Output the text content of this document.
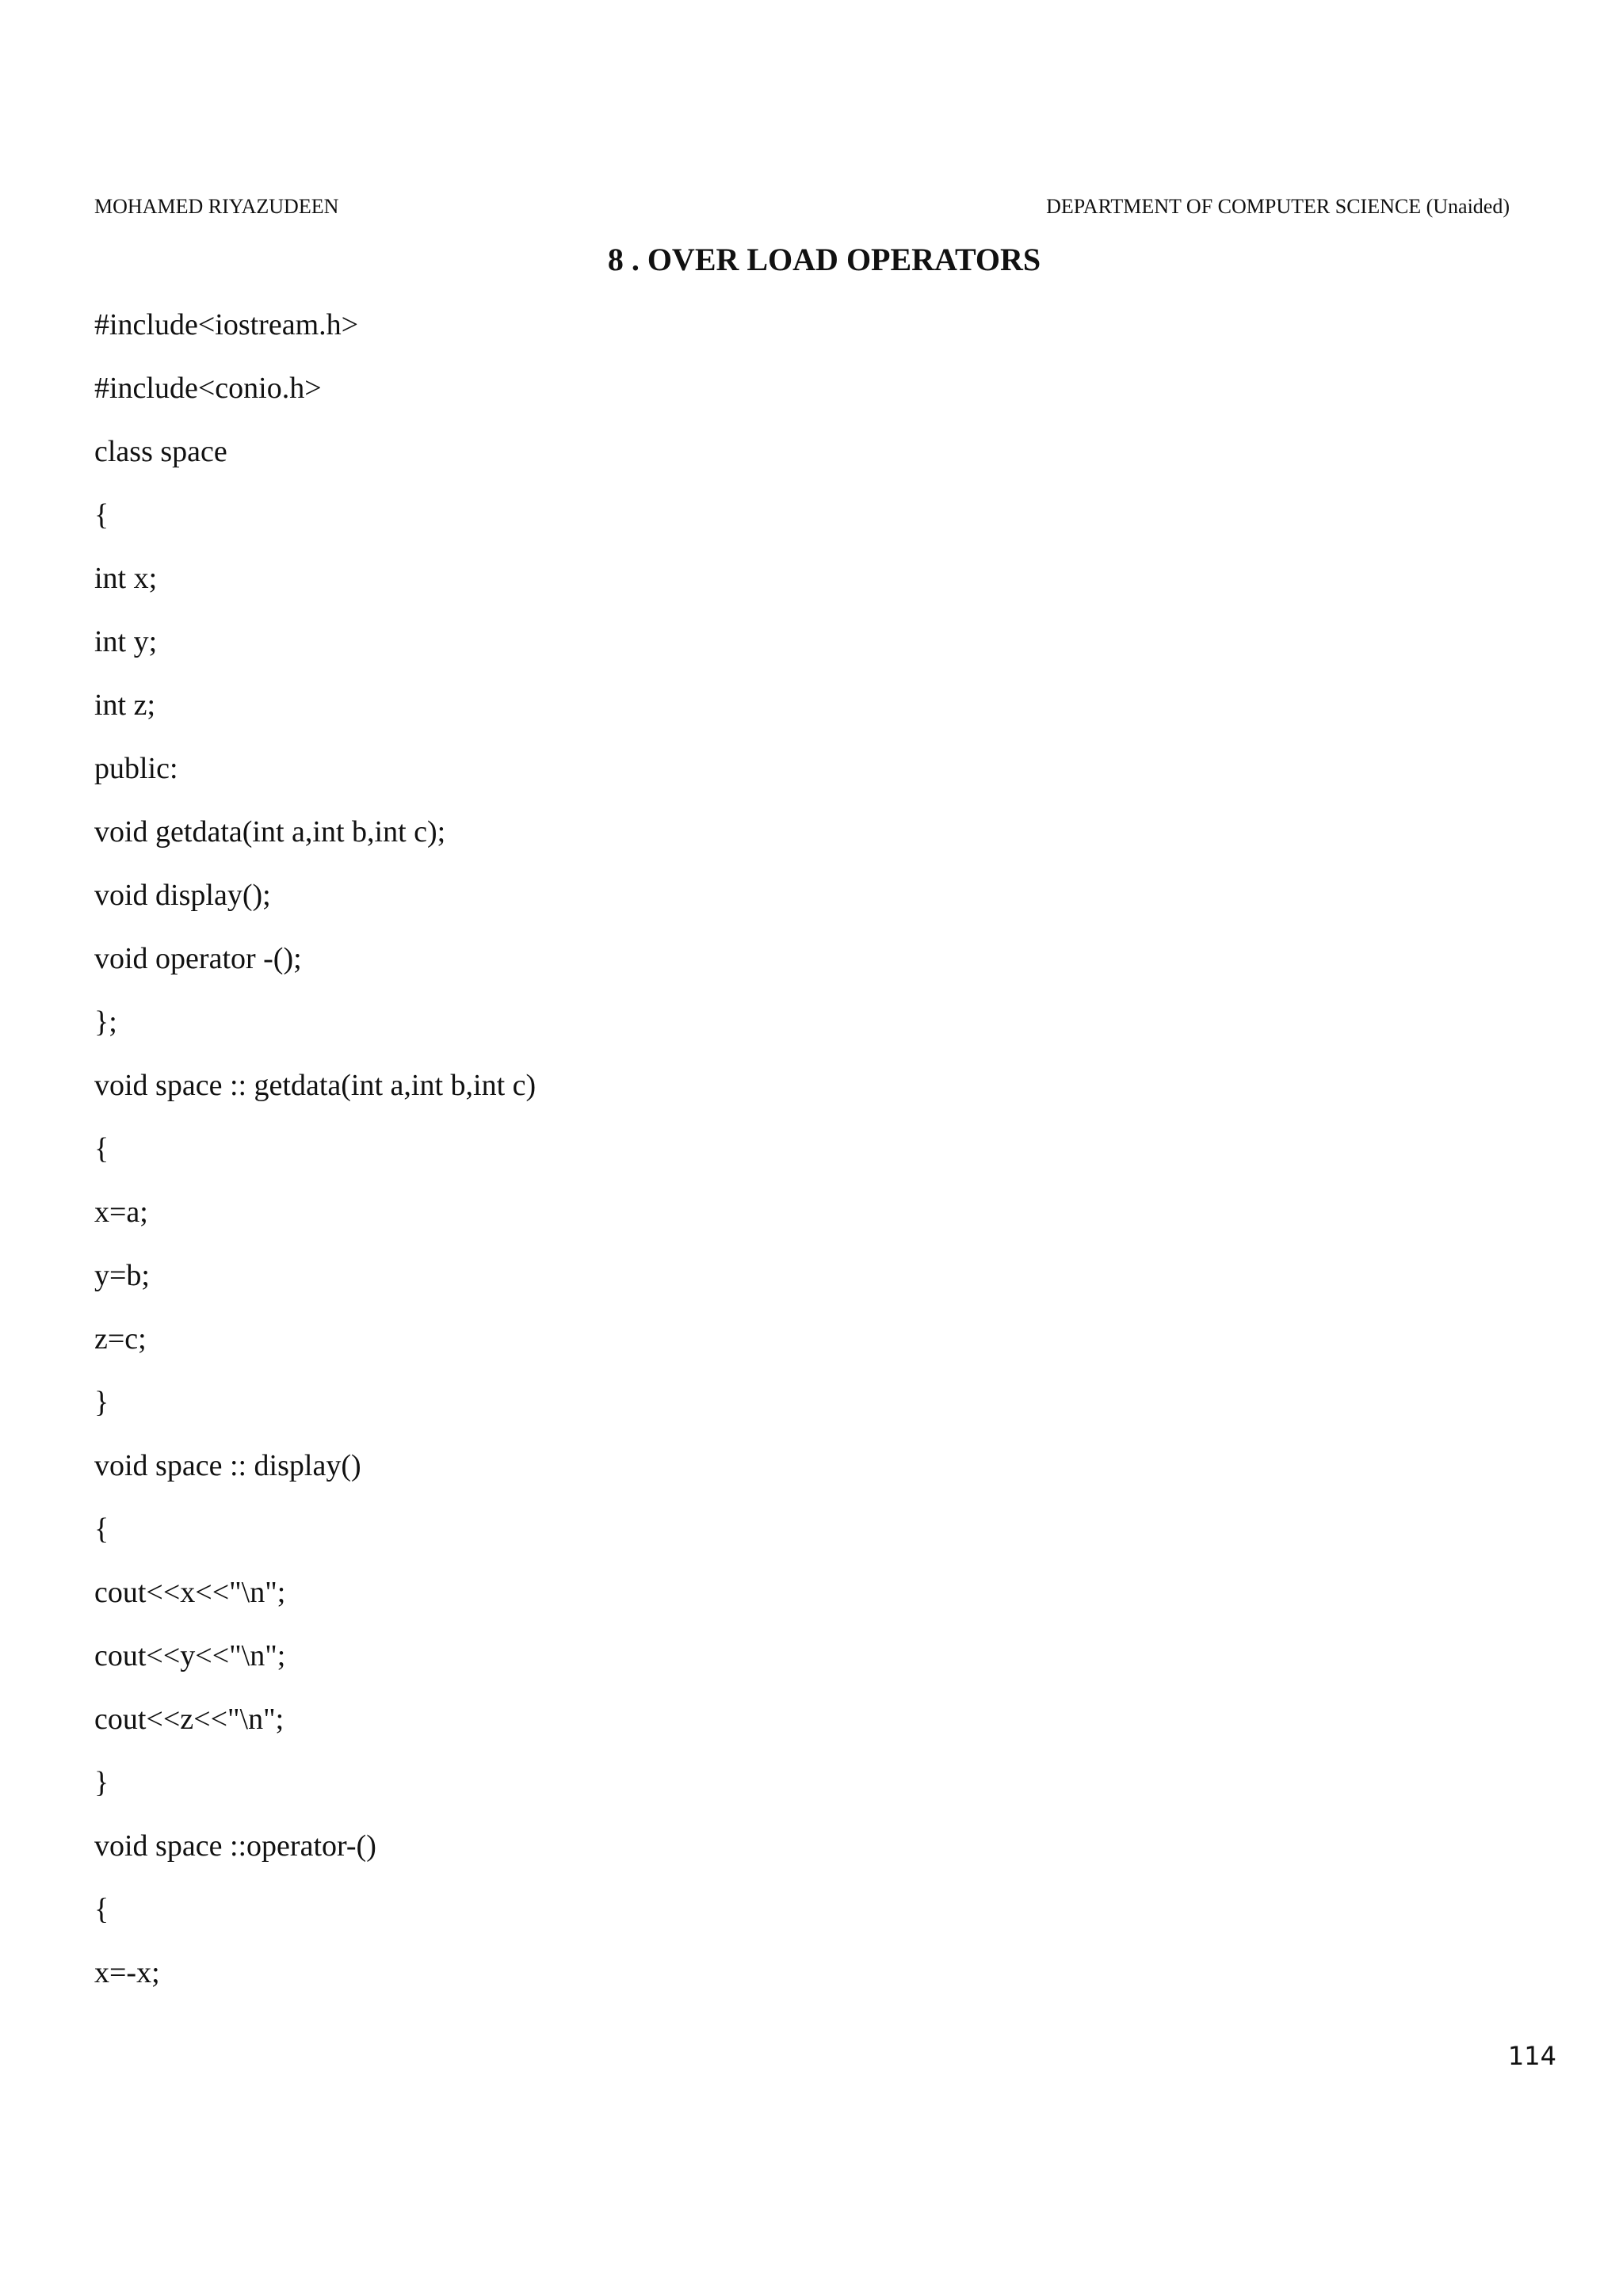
MOHAMED RIYAZUDEEN	DEPARTMENT OF COMPUTER SCIENCE (Unaided)
8 . OVER LOAD OPERATORS
#include<iostream.h>
#include<conio.h>
class space
{
int x;
int y;
int z;
public:
void getdata(int a,int b,int c);
void display();
void operator -();
};
void space :: getdata(int a,int b,int c)
{
x=a;
y=b;
z=c;
}
void space :: display()
{
cout<<x<<"\n";
cout<<y<<"\n";
cout<<z<<"\n";
}
void space ::operator-()
{
x=-x;
114
